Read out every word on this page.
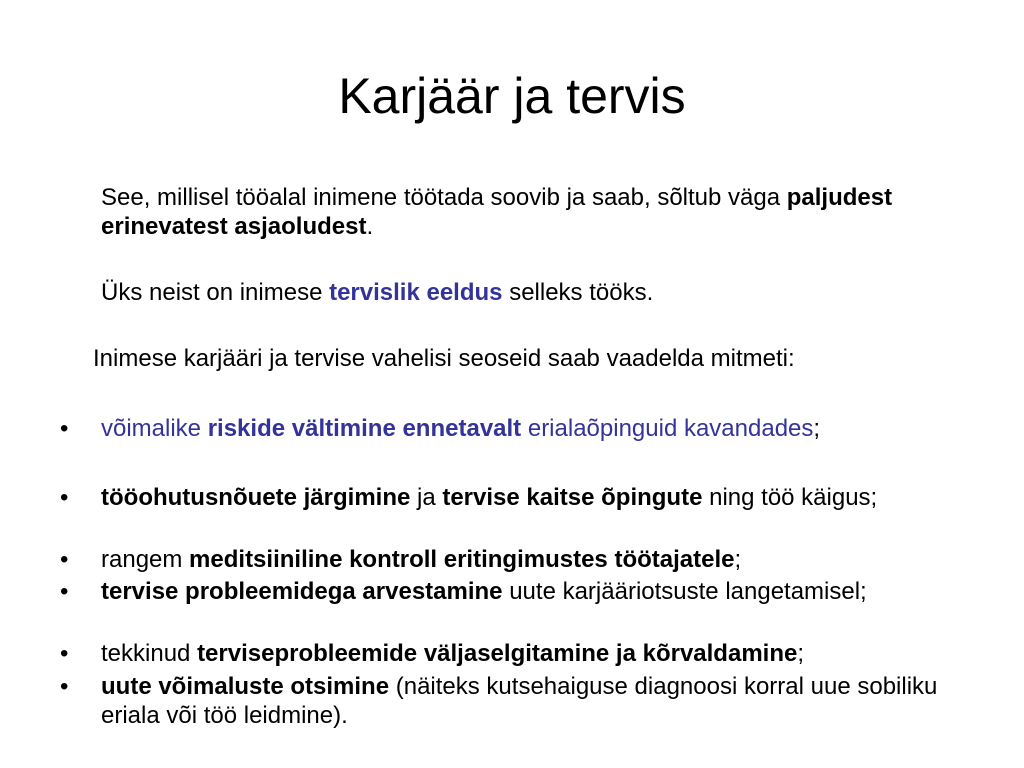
Karjäär ja tervis
See, millisel tööalal inimene töötada soovib ja saab, sõltub väga paljudest erinevatest asjaoludest.
Üks neist on inimese tervislik eeldus selleks tööks.
Inimese karjääri ja tervise vahelisi seoseid saab vaadelda mitmeti:
•	võimalike riskide vältimine ennetavalt erialaõpinguid kavandades;
•	tööohutusnõuete järgimine ja tervise kaitse õpingute ning töö käigus;
•	rangem meditsiiniline kontroll eritingimustes töötajatele;
•	tervise probleemidega arvestamine uute karjääriotsuste langetamisel;
•	tekkinud terviseprobleemide väljaselgitamine ja kõrvaldamine;
•	uute võimaluste otsimine (näiteks kutsehaiguse diagnoosi korral uue sobiliku eriala või töö leidmine).
